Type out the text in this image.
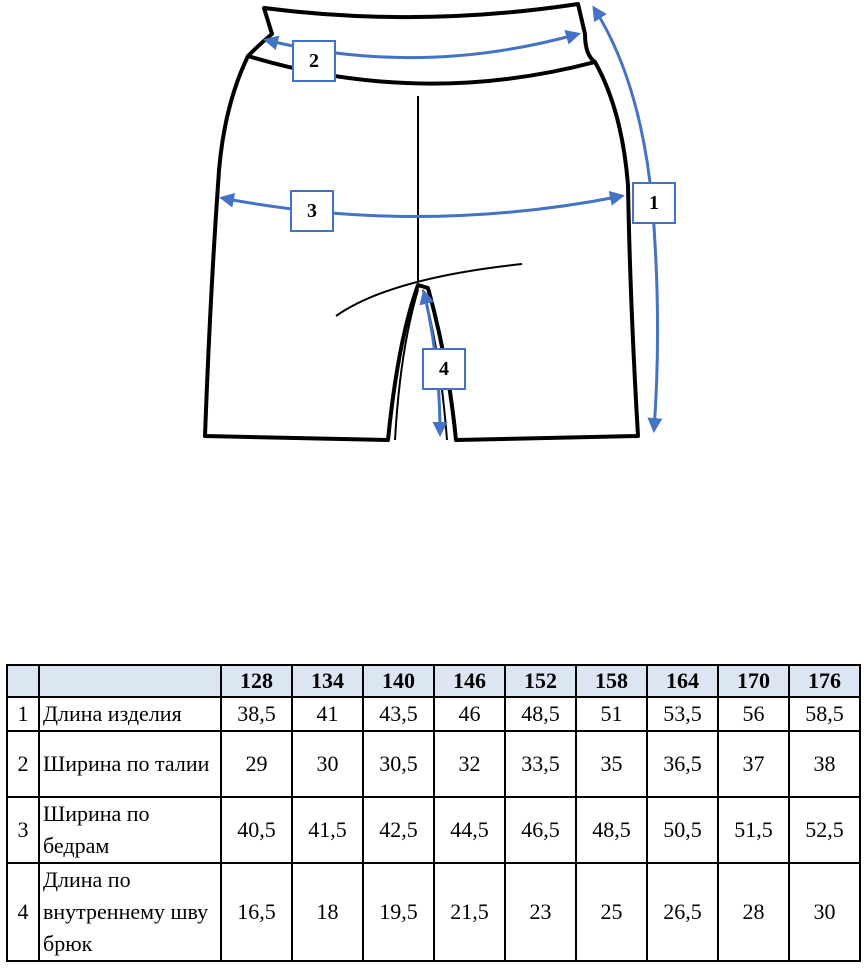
2
3	1
4
		128	134	140	146	152	158	164	170	176
1	Длина изделия	38,5	41	43,5	46	48,5	51	53,5	56	58,5
2	Ширина по талии	29	30	30,5	32	33,5	35	36,5	37	38
3	Ширина по бедрам	40,5	41,5	42,5	44,5	46,5	48,5	50,5	51,5	52,5
4	Длина по внутреннему шву брюк	16,5	18	19,5	21,5	23	25	26,5	28	30
